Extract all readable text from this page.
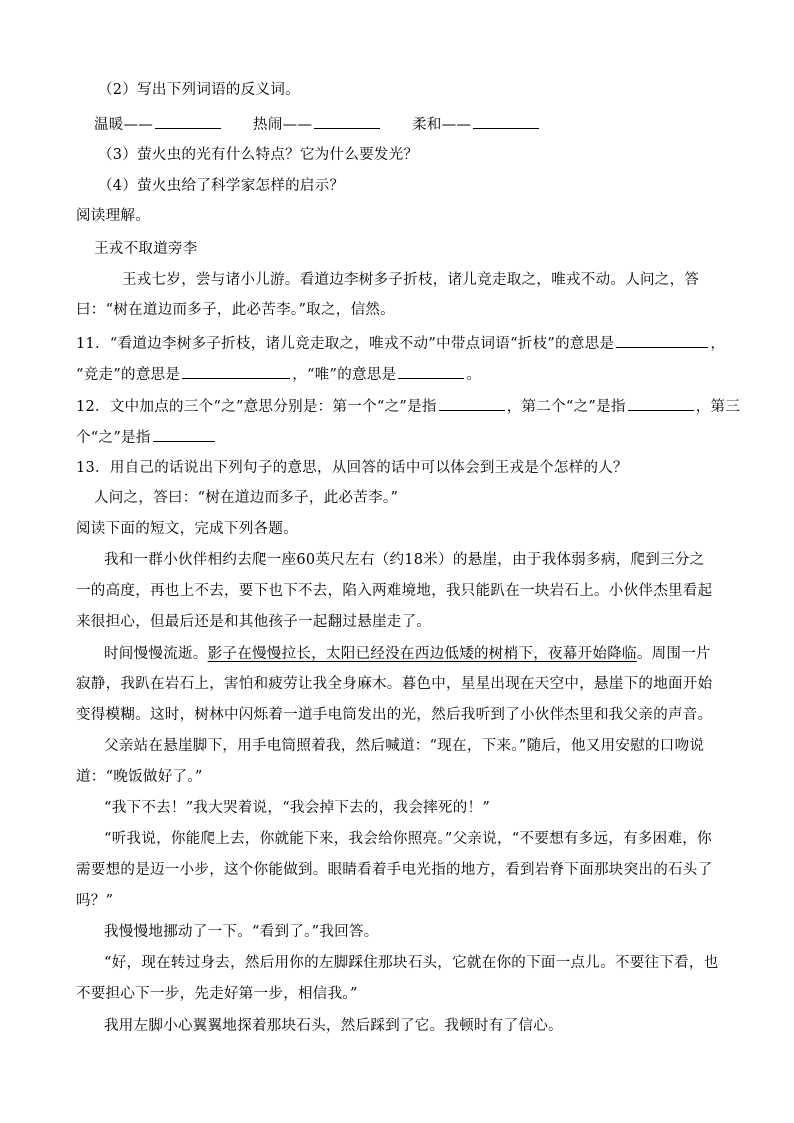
（2）写出下列词语的反义词。
温暖——	热闹——	柔和——
（3）萤火虫的光有什么特点？它为什么要发光？
（4）萤火虫给了科学家怎样的启示？
阅读理解。
王戎不取道旁李
王戎七岁，尝与诸小儿游。看道边李树多子折枝，诸儿竞走取之，唯戎不动。人问之，答
曰：“树在道边而多子，此必苦李。”取之，信然。
11．“看道边李树多子折枝，诸儿竞走取之，唯戎不动”中带点词语“折枝”的意思是	，
“竞走”的意思是	，“唯”的意思是	。
12．文中加点的三个“之”意思分别是：第一个“之”是指	，第二个“之”是指	，第三
个“之”是指
13．用自己的话说出下列句子的意思，从回答的话中可以体会到王戎是个怎样的人？
人问之，答曰：“树在道边而多子，此必苦李。”
阅读下面的短文，完成下列各题。
我和一群小伙伴相约去爬一座60英尺左右（约18米）的悬崖，由于我体弱多病，爬到三分之
一的高度，再也上不去，要下也下不去，陷入两难境地，我只能趴在一块岩石上。小伙伴杰里看起
来很担心，但最后还是和其他孩子一起翻过悬崖走了。
时间慢慢流逝。影子在慢慢拉长，太阳已经没在西边低矮的树梢下，夜幕开始降临。周围一片
寂静，我趴在岩石上，害怕和疲劳让我全身麻木。暮色中，星星出现在天空中，悬崖下的地面开始
变得模糊。这时，树林中闪烁着一道手电筒发出的光，然后我听到了小伙伴杰里和我父亲的声音。
父亲站在悬崖脚下，用手电筒照着我，然后喊道：“现在，下来。”随后，他又用安慰的口吻说
道：“晚饭做好了。”
“我下不去！”我大哭着说，“我会掉下去的，我会摔死的！”
“听我说，你能爬上去，你就能下来，我会给你照亮。”父亲说，“不要想有多远，有多困难，你
需要想的是迈一小步，这个你能做到。眼睛看着手电光指的地方，看到岩脊下面那块突出的石头了
吗？”
我慢慢地挪动了一下。“看到了。”我回答。
“好，现在转过身去，然后用你的左脚踩住那块石头，它就在你的下面一点儿。不要往下看，也
不要担心下一步，先走好第一步，相信我。”
我用左脚小心翼翼地探着那块石头，然后踩到了它。我顿时有了信心。
